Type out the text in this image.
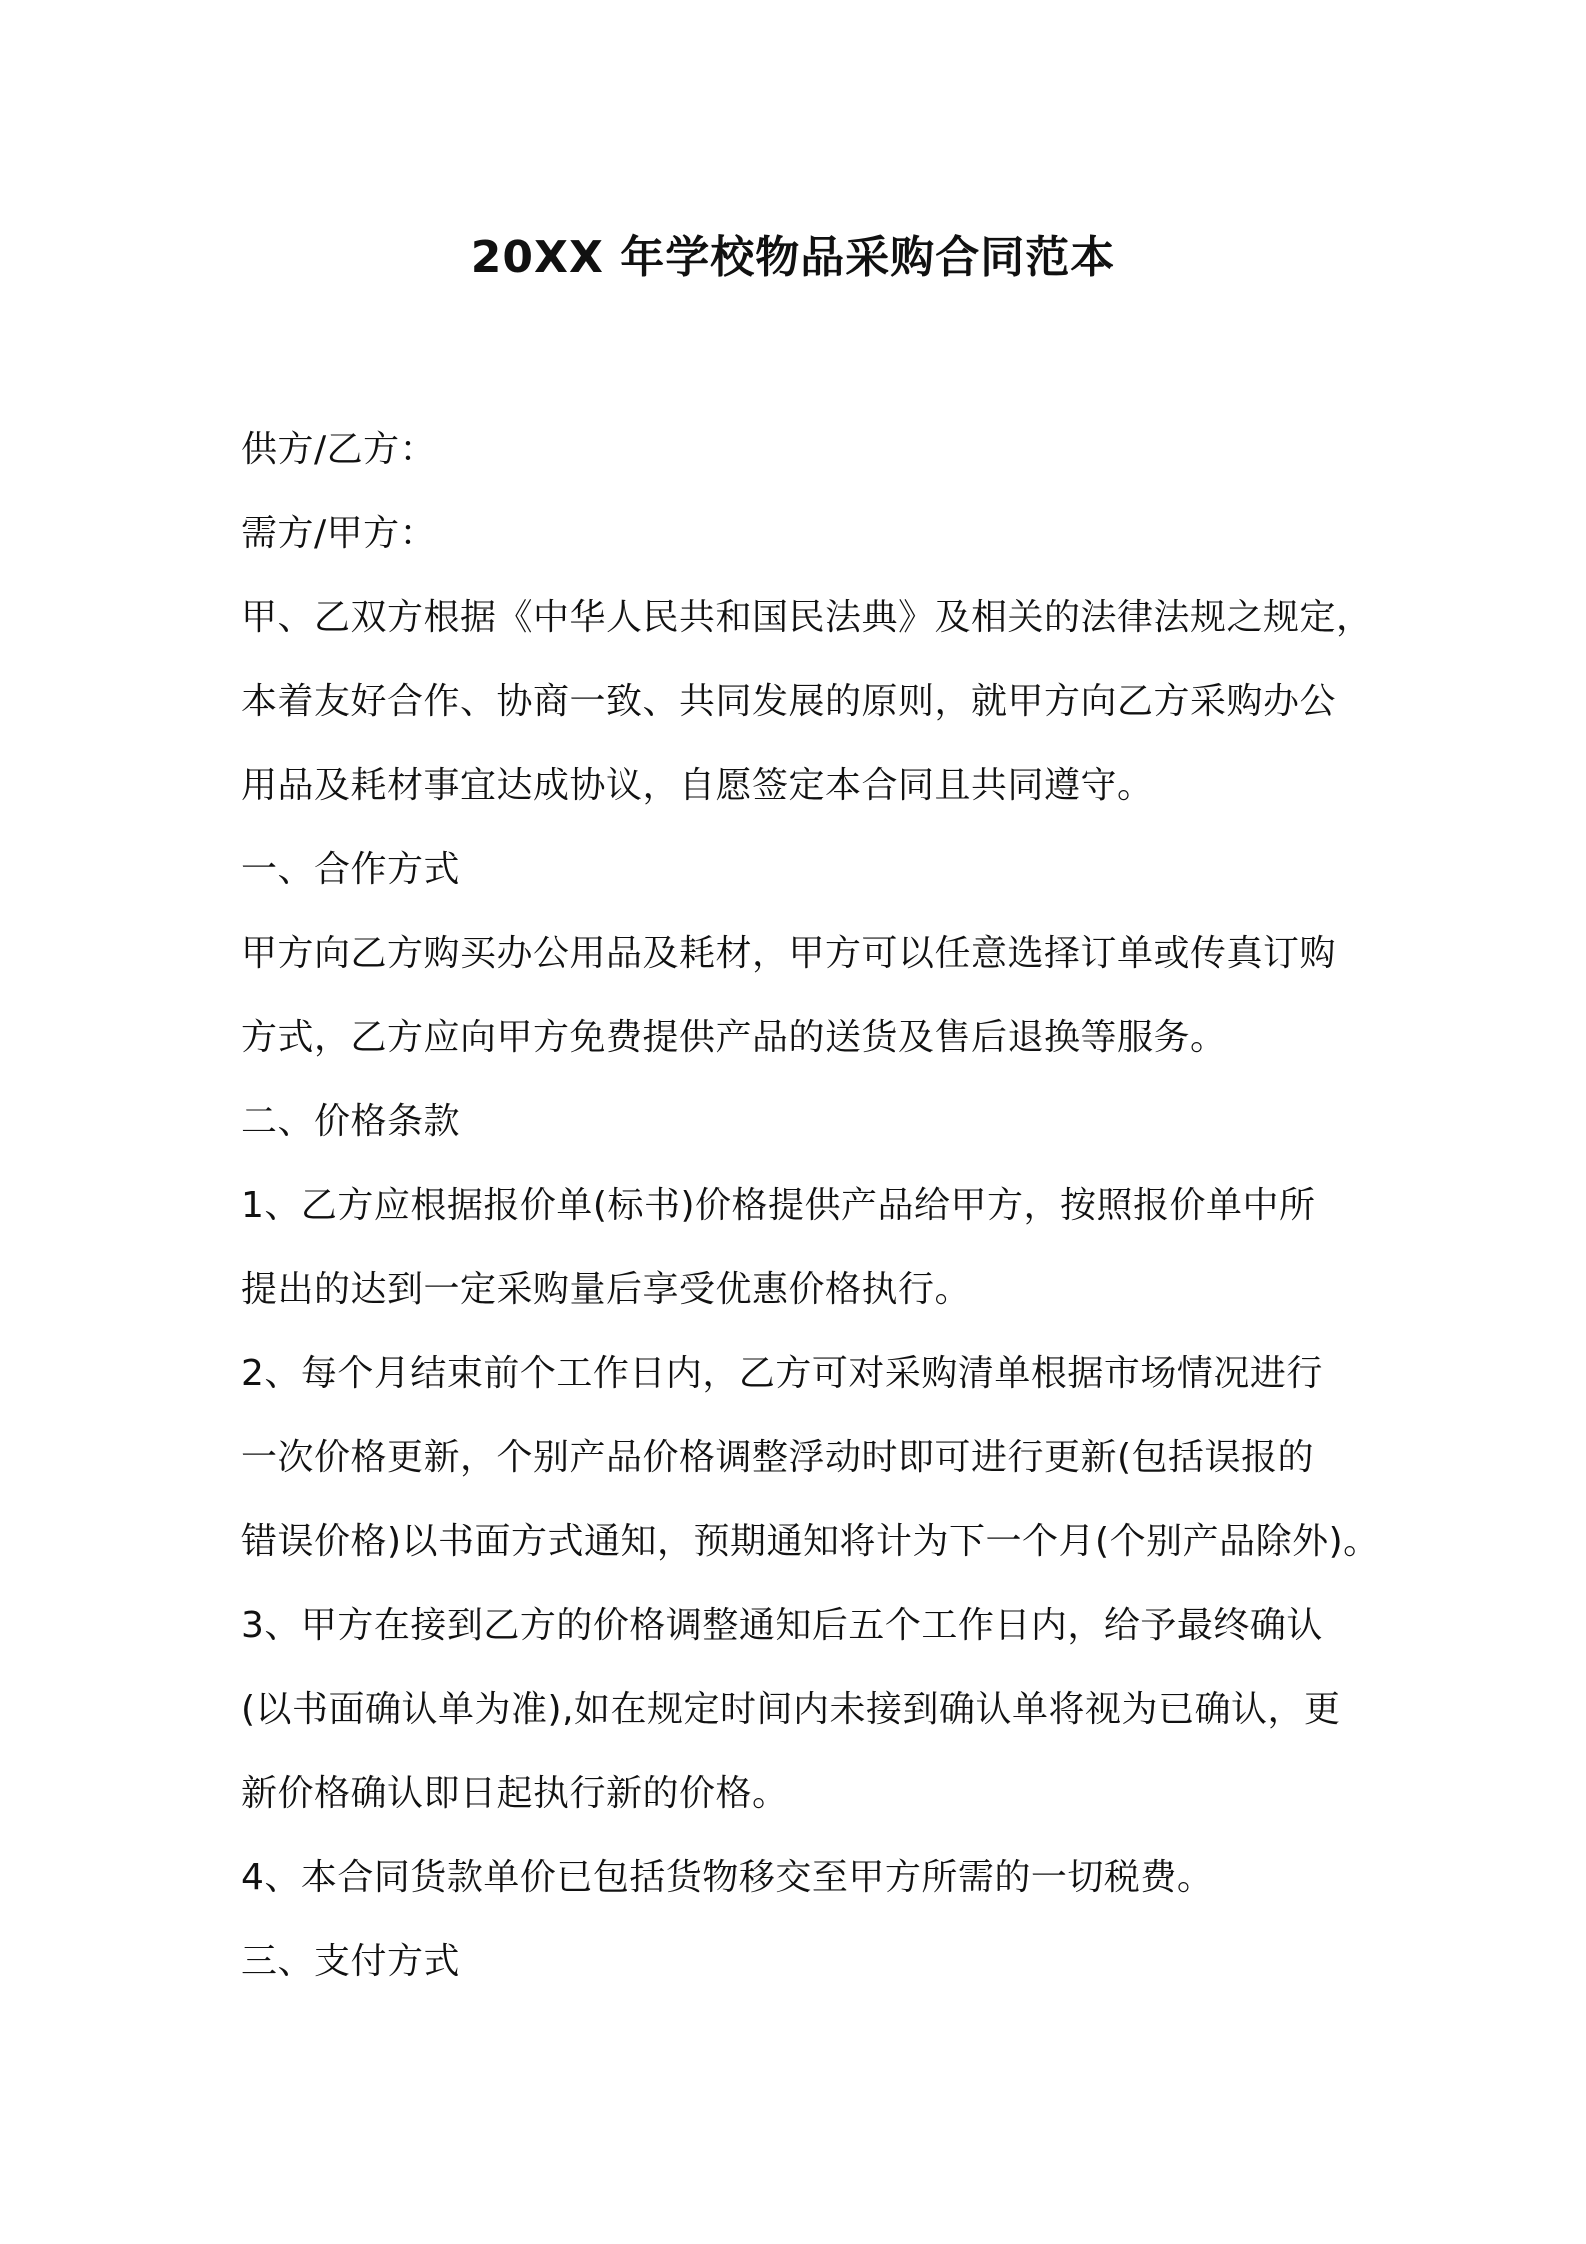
20XX 年学校物品采购合同范本
供方/乙方：
需方/甲方：
甲、乙双方根据《中华人民共和国民法典》及相关的法律法规之规定，
本着友好合作、协商一致、共同发展的原则，就甲方向乙方采购办公
用品及耗材事宜达成协议，自愿签定本合同且共同遵守。
一、合作方式
甲方向乙方购买办公用品及耗材，甲方可以任意选择订单或传真订购
方式，乙方应向甲方免费提供产品的送货及售后退换等服务。
二、价格条款
1、乙方应根据报价单(标书)价格提供产品给甲方，按照报价单中所
提出的达到一定采购量后享受优惠价格执行。
2、每个月结束前个工作日内，乙方可对采购清单根据市场情况进行
一次价格更新，个别产品价格调整浮动时即可进行更新(包括误报的
错误价格)以书面方式通知，预期通知将计为下一个月(个别产品除外)。
3、甲方在接到乙方的价格调整通知后五个工作日内，给予最终确认
(以书面确认单为准),如在规定时间内未接到确认单将视为已确认，更
新价格确认即日起执行新的价格。
4、本合同货款单价已包括货物移交至甲方所需的一切税费。
三、支付方式
